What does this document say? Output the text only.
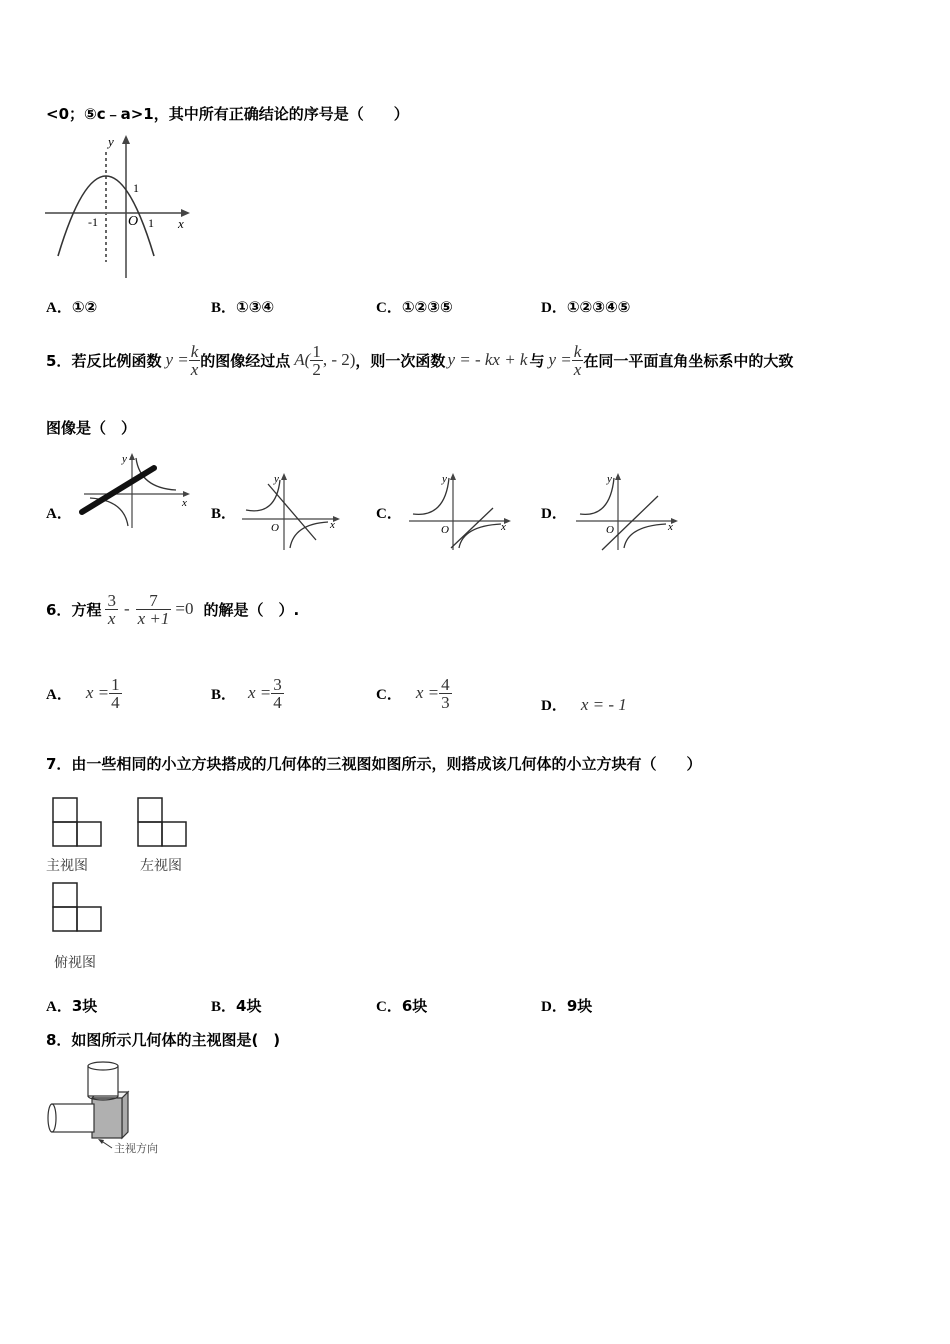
<0；⑤c﹣a>1，其中所有正确结论的序号是（　　）
y
x
O
-1	1
1
A．①②	B．①③④	C．①②③⑤	D．①②③④⑤
5． 若反比例函数 $y = \frac{k}{x}$ 的图像经过点 $A( \frac{1}{2}$ , - 2) ，则一次函数 y = - kx + k 与 $y = \frac{k}{x}$ 在同一平面直角坐标系中的大致
图像是（　）
A．
y
x
B．
y
O	x
C．
y
O	x
D．
y
O	x
6． 方程 $\frac{3}{x} - \frac{7}{x +1} =0$ 的解是（　）.
A． $x = \frac{1}{4}$	B． $x = \frac{3}{4}$	C． $x = \frac{4}{3}$	D． x = - 1
7．由一些相同的小立方块搭成的几何体的三视图如图所示，则搭成该几何体的小立方块有（　　）
主视图	左视图
俯视图
A．3块	B．4块	C．6块	D．9块
8．如图所示几何体的主视图是(　)
主视方向
